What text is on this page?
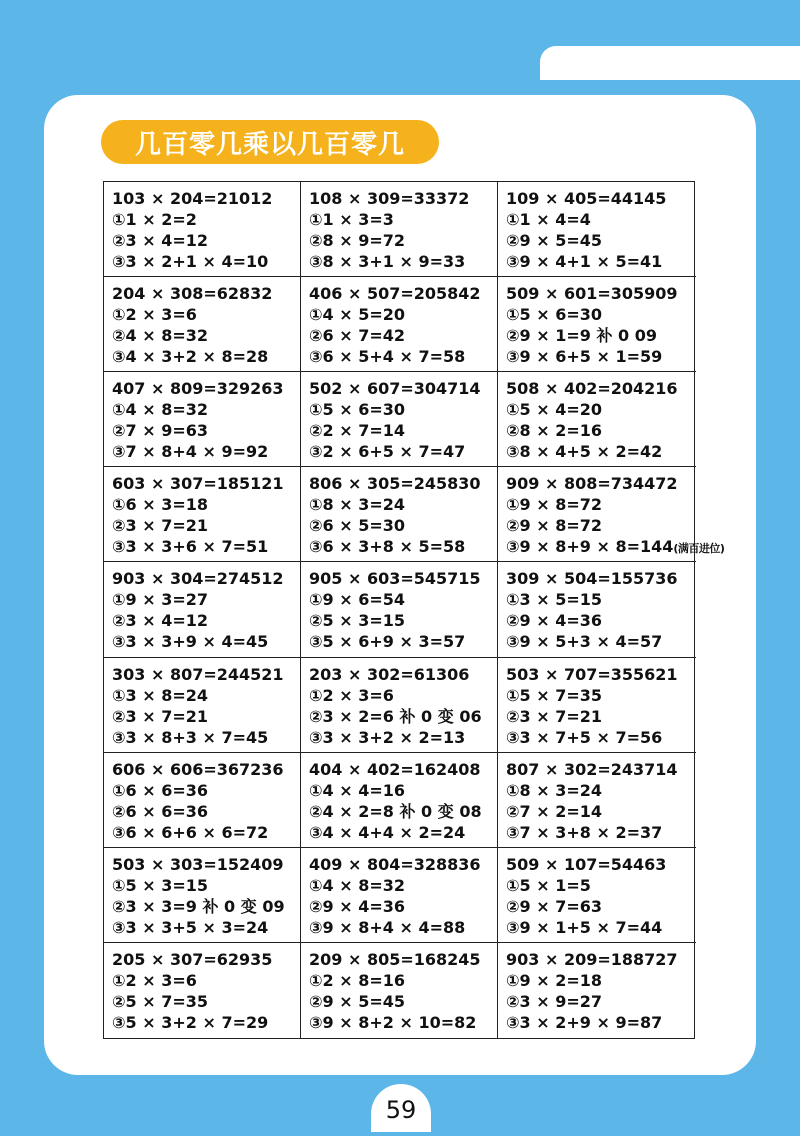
几百零几乘以几百零几
103 × 204=21012
①1 × 2=2
②3 × 4=12
③3 × 2+1 × 4=10
108 × 309=33372
①1 × 3=3
②8 × 9=72
③8 × 3+1 × 9=33
109 × 405=44145
①1 × 4=4
②9 × 5=45
③9 × 4+1 × 5=41
204 × 308=62832
①2 × 3=6
②4 × 8=32
③4 × 3+2 × 8=28
406 × 507=205842
①4 × 5=20
②6 × 7=42
③6 × 5+4 × 7=58
509 × 601=305909
①5 × 6=30
②9 × 1=9 补 0 09
③9 × 6+5 × 1=59
407 × 809=329263
①4 × 8=32
②7 × 9=63
③7 × 8+4 × 9=92
502 × 607=304714
①5 × 6=30
②2 × 7=14
③2 × 6+5 × 7=47
508 × 402=204216
①5 × 4=20
②8 × 2=16
③8 × 4+5 × 2=42
603 × 307=185121
①6 × 3=18
②3 × 7=21
③3 × 3+6 × 7=51
806 × 305=245830
①8 × 3=24
②6 × 5=30
③6 × 3+8 × 5=58
909 × 808=734472
①9 × 8=72
②9 × 8=72
③9 × 8+9 × 8=144(满百进位)
903 × 304=274512
①9 × 3=27
②3 × 4=12
③3 × 3+9 × 4=45
905 × 603=545715
①9 × 6=54
②5 × 3=15
③5 × 6+9 × 3=57
309 × 504=155736
①3 × 5=15
②9 × 4=36
③9 × 5+3 × 4=57
303 × 807=244521
①3 × 8=24
②3 × 7=21
③3 × 8+3 × 7=45
203 × 302=61306
①2 × 3=6
②3 × 2=6 补 0 变 06
③3 × 3+2 × 2=13
503 × 707=355621
①5 × 7=35
②3 × 7=21
③3 × 7+5 × 7=56
606 × 606=367236
①6 × 6=36
②6 × 6=36
③6 × 6+6 × 6=72
404 × 402=162408
①4 × 4=16
②4 × 2=8 补 0 变 08
③4 × 4+4 × 2=24
807 × 302=243714
①8 × 3=24
②7 × 2=14
③7 × 3+8 × 2=37
503 × 303=152409
①5 × 3=15
②3 × 3=9 补 0 变 09
③3 × 3+5 × 3=24
409 × 804=328836
①4 × 8=32
②9 × 4=36
③9 × 8+4 × 4=88
509 × 107=54463
①5 × 1=5
②9 × 7=63
③9 × 1+5 × 7=44
205 × 307=62935
①2 × 3=6
②5 × 7=35
③5 × 3+2 × 7=29
209 × 805=168245
①2 × 8=16
②9 × 5=45
③9 × 8+2 × 10=82
903 × 209=188727
①9 × 2=18
②3 × 9=27
③3 × 2+9 × 9=87
59
